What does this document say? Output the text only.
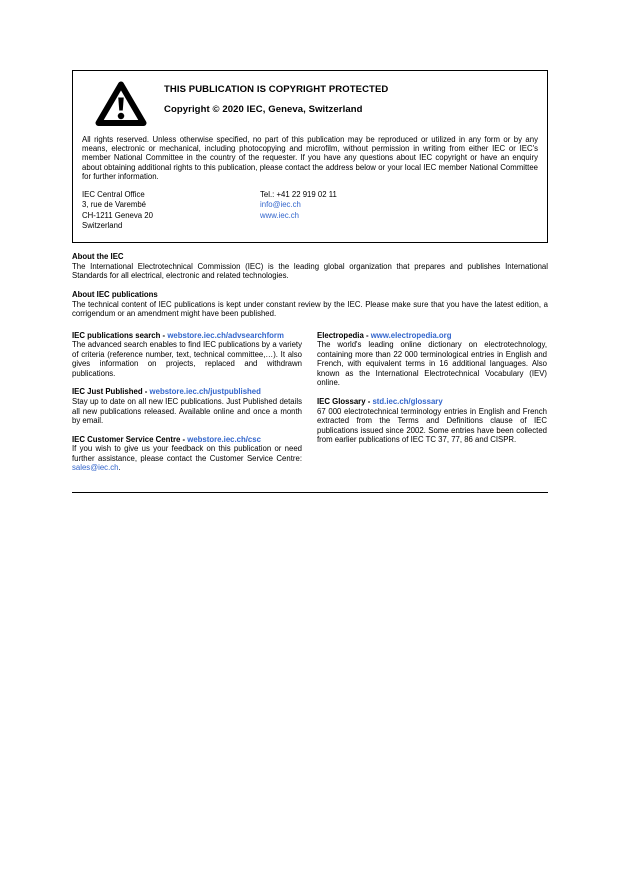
THIS PUBLICATION IS COPYRIGHT PROTECTED
Copyright © 2020 IEC, Geneva, Switzerland

All rights reserved. Unless otherwise specified, no part of this publication may be reproduced or utilized in any form or by any means, electronic or mechanical, including photocopying and microfilm, without permission in writing from either IEC or IEC's member National Committee in the country of the requester. If you have any questions about IEC copyright or have an enquiry about obtaining additional rights to this publication, please contact the address below or your local IEC member National Committee for further information.

IEC Central Office
3, rue de Varembé
CH-1211 Geneva 20
Switzerland
Tel.: +41 22 919 02 11
info@iec.ch
www.iec.ch
About the IEC

The International Electrotechnical Commission (IEC) is the leading global organization that prepares and publishes International Standards for all electrical, electronic and related technologies.

About IEC publications

The technical content of IEC publications is kept under constant review by the IEC. Please make sure that you have the latest edition, a corrigendum or an amendment might have been published.

IEC publications search - webstore.iec.ch/advsearchform

The advanced search enables to find IEC publications by a variety of criteria (reference number, text, technical committee,…). It also gives information on projects, replaced and withdrawn publications.

IEC Just Published - webstore.iec.ch/justpublished

Stay up to date on all new IEC publications. Just Published details all new publications released. Available online and once a month by email.

IEC Customer Service Centre - webstore.iec.ch/csc

If you wish to give us your feedback on this publication or need further assistance, please contact the Customer Service Centre: sales@iec.ch.

Electropedia - www.electropedia.org

The world's leading online dictionary on electrotechnology, containing more than 22 000 terminological entries in English and French, with equivalent terms in 16 additional languages. Also known as the International Electrotechnical Vocabulary (IEV) online.

IEC Glossary - std.iec.ch/glossary

67 000 electrotechnical terminology entries in English and French extracted from the Terms and Definitions clause of IEC publications issued since 2002. Some entries have been collected from earlier publications of IEC TC 37, 77, 86 and CISPR.
